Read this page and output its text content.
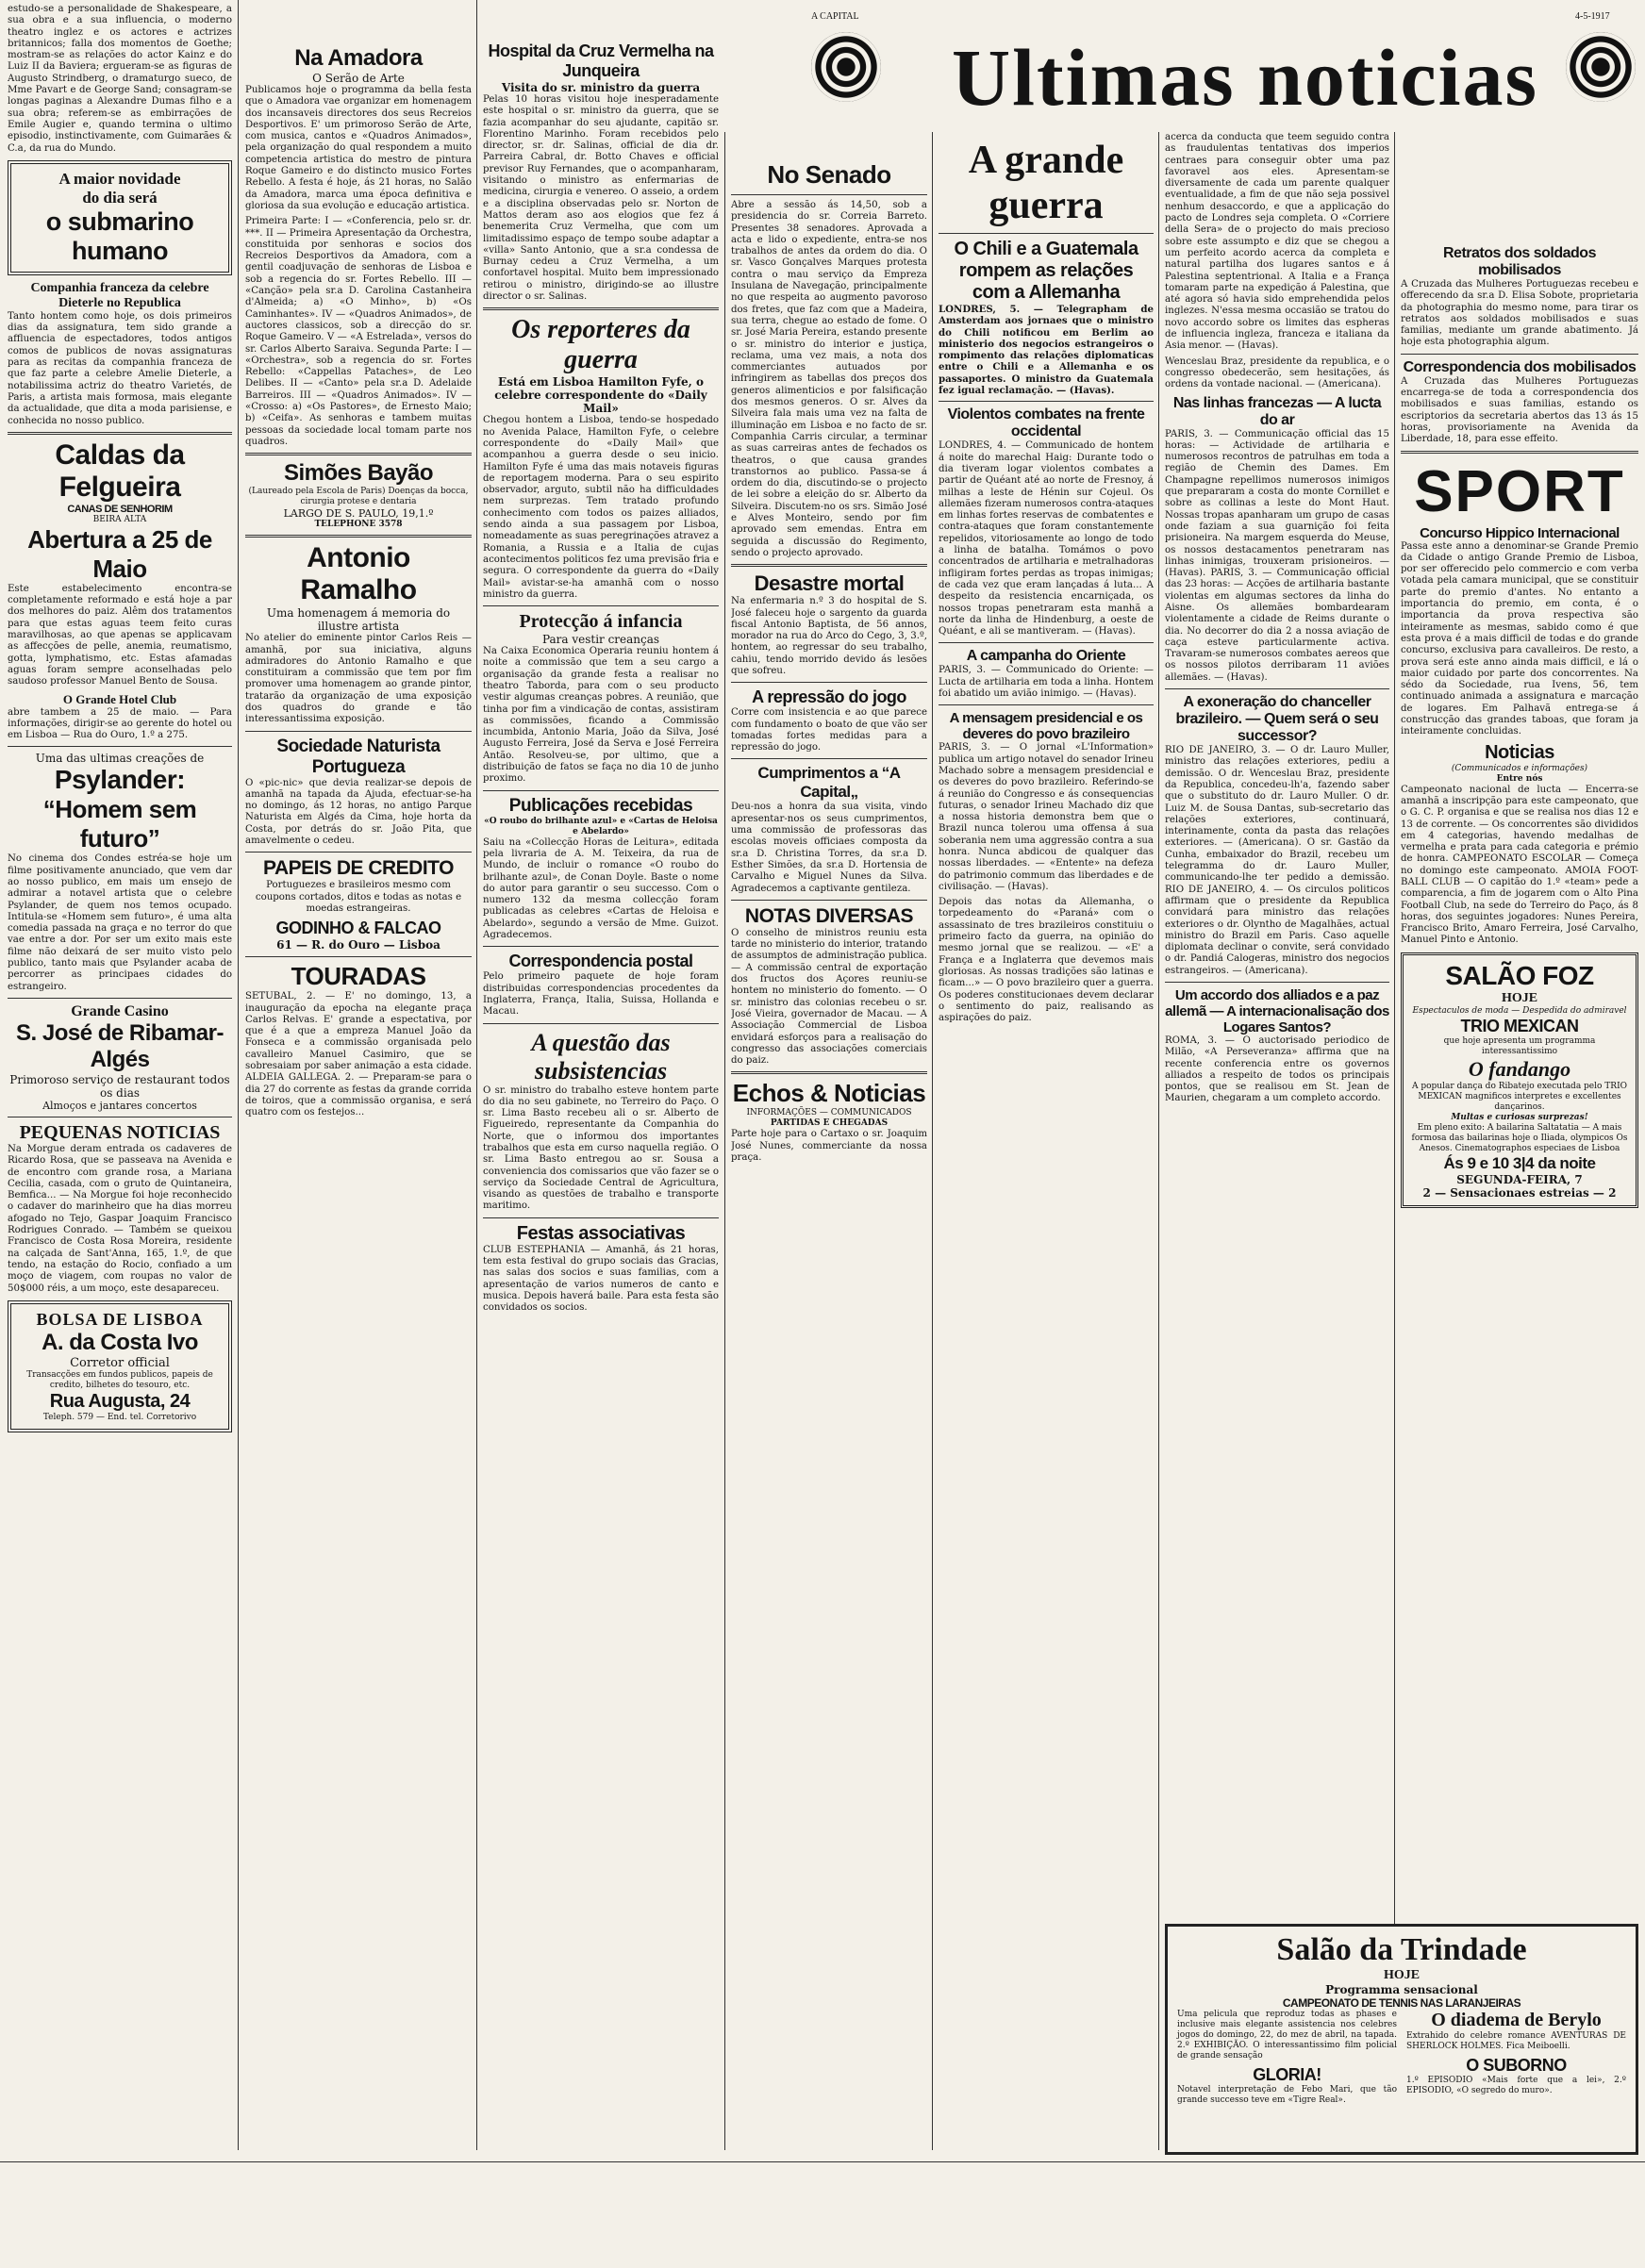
A CAPITAL	4-5-1917
Ultimas noticias

estudo-se a personalidade de Shakespeare, a sua obra e a sua influencia, o moderno theatro inglez e os actores e actrizes britannicos; falla dos momentos de Goethe; mostram-se as relações do actor Kainz e do Luiz II da Baviera; ergueram-se as figuras de Augusto Strindberg, o dramaturgo sueco, de Mme Pavart e de George Sand; consagram-se longas paginas a Alexandre Dumas filho e a sua obra; referem-se as embirrações de Emile Augier e, quando termina o ultimo episodio, instinctivamente, com Guimarães & C.a, da rua do Mundo.

A maior novidade
do dia será
o submarino
humano
Companhia franceza da celebre Dieterle no Republica

Tanto hontem como hoje, os dois primeiros dias da assignatura, tem sido grande a affluencia de espectadores, todos antigos comos de publicos de novas assignaturas para as recitas da companhia franceza de que faz parte a celebre Amelie Dieterle, a notabilissima actriz do theatro Varietés, de Paris, a artista mais formosa, mais elegante da actualidade, que dita a moda parisiense, e conhecida no nosso publico.

Caldas da Felgueira
CANAS DE SENHORIM
BEIRA ALTA
Abertura a 25 de Maio

Este estabelecimento encontra-se completamente reformado e está hoje a par dos melhores do paiz. Alêm dos tratamentos para que estas aguas teem feito curas maravilhosas, ao que apenas se applicavam as affecções de pelle, anemia, reumatismo, gotta, lymphatismo, etc. Estas afamadas aguas foram sempre aconselhadas pelo saudoso professor Manuel Bento de Sousa.

O Grande Hotel Club

abre tambem a 25 de maio. — Para informações, dirigir-se ao gerente do hotel ou em Lisboa — Rua do Ouro, 1.º a 275.

Uma das ultimas creações de
Psylander:
“Homem sem futuro”

No cinema dos Condes estréa-se hoje um filme positivamente anunciado, que vem dar ao nosso publico, em mais um ensejo de admirar a notavel artista que o celebre Psylander, de quem nos temos ocupado. Intitula-se «Homem sem futuro», é uma alta comedia passada na graça e no terror do que vae entre a dor. Por ser um exito mais este filme não deixará de ser muito visto pelo publico, tanto mais que Psylander acaba de percorrer as principaes cidades do estrangeiro.

Grande Casino
S. José de Ribamar-Algés
Primoroso serviço de restaurant todos os dias
Almoços e jantares concertos
PEQUENAS NOTICIAS

Na Morgue deram entrada os cadaveres de Ricardo Rosa, que se passeava na Avenida e de encontro com grande rosa, a Mariana Cecilia, casada, com o gruto de Quintaneira, Bemfica... — Na Morgue foi hoje reconhecido o cadaver do marinheiro que ha dias morreu afogado no Tejo, Gaspar Joaquim Francisco Rodrigues Conrado. — Também se queixou Francisco de Costa Rosa Moreira, residente na calçada de Sant'Anna, 165, 1.º, de que tendo, na estação do Rocio, confiado a um moço de viagem, com roupas no valor de 50$000 réis, a um moço, este desapareceu.

BOLSA DE LISBOA
A. da Costa Ivo
Corretor official
Transacções em fundos publicos, papeis de credito, bilhetes do tesouro, etc.
Rua Augusta, 24
Teleph. 579 — End. tel. Corretorivo
Na Amadora
O Serão de Arte

Publicamos hoje o programma da bella festa que o Amadora vae organizar em homenagem dos incansaveis directores dos seus Recreios Desportivos. E' um primoroso Serão de Arte, com musica, cantos e «Quadros Animados», pela organização do qual respondem a muito competencia artistica do mestro de pintura Roque Gameiro e do distincto musico Fortes Rebello. A festa é hoje, ás 21 horas, no Salão da Amadora, marca uma época definitiva e gloriosa da sua evolução e educação artistica.

Primeira Parte: I — «Conferencia, pelo sr. dr. ***. II — Primeira Apresentação da Orchestra, constituida por senhoras e socios dos Recreios Desportivos da Amadora, com a gentil coadjuvação de senhoras de Lisboa e sob a regencia do sr. Fortes Rebello. III — «Canção» pela sr.a D. Carolina Castanheira d'Almeida; a) «O Minho», b) «Os Caminhantes». IV — «Quadros Animados», de auctores classicos, sob a direcção do sr. Roque Gameiro. V — «A Estrelada», versos do sr. Carlos Alberto Saraiva. Segunda Parte: I — «Orchestra», sob a regencia do sr. Fortes Rebello: «Cappellas Pataches», de Leo Delibes. II — «Canto» pela sr.a D. Adelaide Barreiros. III — «Quadros Animados». IV — «Crosso: a) «Os Pastores», de Ernesto Maio; b) «Ceifa». As senhoras e tambem muitas pessoas da sociedade local tomam parte nos quadros.

Simões Bayão
(Laureado pela Escola de Paris) Doenças da bocca, cirurgia protese e dentaria
LARGO DE S. PAULO, 19,1.º
TELEPHONE 3578
Antonio Ramalho
Uma homenagem á memoria do illustre artista

No atelier do eminente pintor Carlos Reis — amanhã, por sua iniciativa, alguns admiradores do Antonio Ramalho e que constituiram a commissão que tem por fim promover uma homenagem ao grande pintor, tratarão da organização de uma exposição dos quadros do grande e tão interessantissima exposição.

Sociedade Naturista Portugueza

O «pic-nic» que devia realizar-se depois de amanhã na tapada da Ajuda, efectuar-se-ha no domingo, ás 12 horas, no antigo Parque Naturista em Algés da Cima, hoje horta da Costa, por detrás do sr. João Pita, que amavelmente o cedeu.

PAPEIS DE CREDITO

Portuguezes e brasileiros mesmo com coupons cortados, ditos e todas as notas e moedas estrangeiras.

GODINHO & FALCAO
61 — R. do Ouro — Lisboa
TOURADAS

SETUBAL, 2. — E' no domingo, 13, a inauguração da epocha na elegante praça Carlos Relvas. E' grande a espectativa, por que é a que a empreza Manuel João da Fonseca e a commissão organisada pelo cavalleiro Manuel Casimiro, que se sobresaiam por saber animação a esta cidade. ALDEIA GALLEGA. 2. — Preparam-se para o dia 27 do corrente as festas da grande corrida de toiros, que a commissão organisa, e será quatro com os festejos...

Hospital da Cruz Vermelha na Junqueira
Visita do sr. ministro da guerra

Pelas 10 horas visitou hoje inesperadamente este hospital o sr. ministro da guerra, que se fazia acompanhar do seu ajudante, capitão sr. Florentino Marinho. Foram recebidos pelo director, sr. dr. Salinas, official de dia dr. Parreira Cabral, dr. Botto Chaves e official previsor Ruy Fernandes, que o acompanharam, visitando o ministro as enfermarias de medicina, cirurgia e venereo. O asseio, a ordem e a disciplina observadas pelo sr. Norton de Mattos deram aso aos elogios que fez á benemerita Cruz Vermelha, que com um limitadissimo espaço de tempo soube adaptar a «villa» Santo Antonio, que a sr.a condessa de Burnay cedeu a Cruz Vermelha, a um confortavel hospital. Muito bem impressionado retirou o ministro, dirigindo-se ao illustre director o sr. Salinas.

Os reporteres da guerra
Está em Lisboa Hamilton Fyfe, o celebre correspondente do «Daily Mail»

Chegou hontem a Lisboa, tendo-se hospedado no Avenida Palace, Hamilton Fyfe, o celebre correspondente do «Daily Mail» que acompanhou a guerra desde o seu inicio. Hamilton Fyfe é uma das mais notaveis figuras de reportagem moderna. Para o seu espirito observador, arguto, subtil não ha difficuldades nem surprezas. Tem tratado profundo conhecimento com todos os paizes alliados, sendo ainda a sua passagem por Lisboa, nomeadamente as suas peregrinações atravez a Romania, a Russia e a Italia de cujas acontecimentos politicos fez uma previsão fria e segura. O correspondente da guerra do «Daily Mail» avistar-se-ha amanhã com o nosso ministro da guerra.

Protecção á infancia
Para vestir creanças

Na Caixa Economica Operaria reuniu hontem á noite a commissão que tem a seu cargo a organisação da grande festa a realisar no theatro Taborda, para com o seu producto vestir algumas creanças pobres. A reunião, que tinha por fim a vindicação de contas, assistiram as commissões, ficando a Commissão incumbida, Antonio Maria, João da Silva, José Augusto Ferreira, José da Serva e José Ferreira Antão. Resolveu-se, por ultimo, que a distribuição de fatos se faça no dia 10 de junho proximo.

Publicações recebidas
«O roubo do brilhante azul» e «Cartas de Heloisa e Abelardo»

Saiu na «Collecção Horas de Leitura», editada pela livraria de A. M. Teixeira, da rua de Mundo, de incluir o romance «O roubo do brilhante azul», de Conan Doyle. Baste o nome do autor para garantir o seu successo. Com o numero 132 da mesma collecção foram publicadas as celebres «Cartas de Heloisa e Abelardo», segundo a versão de Mme. Guizot. Agradecemos.

Correspondencia postal

Pelo primeiro paquete de hoje foram distribuidas correspondencias procedentes da Inglaterra, França, Italia, Suissa, Hollanda e Macau.

A questão das subsistencias

O sr. ministro do trabalho esteve hontem parte do dia no seu gabinete, no Terreiro do Paço. O sr. Lima Basto recebeu ali o sr. Alberto de Figueiredo, representante da Companhia do Norte, que o informou dos importantes trabalhos que esta em curso naquella região. O sr. Lima Basto entregou ao sr. Sousa a conveniencia dos comissarios que vão fazer se o serviço da Sociedade Central de Agricultura, visando as questões de trabalho e transporte maritimo.

Festas associativas

CLUB ESTEPHANIA — Amanhã, ás 21 horas, tem esta festival do grupo sociais das Gracias, nas salas dos socios e suas familias, com a apresentação de varios numeros de canto e musica. Depois haverá baile. Para esta festa são convidados os socios.

No Senado

Abre a sessão ás 14,50, sob a presidencia do sr. Correia Barreto. Presentes 38 senadores. Aprovada a acta e lido o expediente, entra-se nos trabalhos de antes da ordem do dia. O sr. Vasco Gonçalves Marques protesta contra o mau serviço da Empreza Insulana de Navegação, principalmente no que respeita ao augmento pavoroso dos fretes, que faz com que a Madeira, sua terra, chegue ao estado de fome. O sr. José Maria Pereira, estando presente o sr. ministro do interior e justiça, reclama, uma vez mais, a nota dos commerciantes autuados por infringirem as tabellas dos preços dos generos alimenticios e por falsificação dos mesmos generos. O sr. Alves da Silveira fala mais uma vez na falta de illuminação em Lisboa e no facto de sr. Companhia Carris circular, a terminar as suas carreiras antes de fechados os theatros, o que causa grandes transtornos ao publico. Passa-se á ordem do dia, discutindo-se o projecto de lei sobre a eleição do sr. Alberto da Silveira. Discutem-no os srs. Simão José e Alves Monteiro, sendo por fim aprovado sem emendas. Entra em seguida a discussão do Regimento, sendo o projecto aprovado.

Desastre mortal

Na enfermaria n.º 3 do hospital de S. José faleceu hoje o sargento da guarda fiscal Antonio Baptista, de 56 annos, morador na rua do Arco do Cego, 3, 3.º, hontem, ao regressar do seu trabalho, cahiu, tendo morrido devido ás lesões que sofreu.

A repressão do jogo

Corre com insistencia e ao que parece com fundamento o boato de que vão ser tomadas fortes medidas para a repressão do jogo.

Cumprimentos a “A Capital„

Deu-nos a honra da sua visita, vindo apresentar-nos os seus cumprimentos, uma commissão de professoras das escolas moveis officiaes composta da sr.a D. Christina Torres, da sr.a D. Esther Simões, da sr.a D. Hortensia de Carvalho e Miguel Nunes da Silva. Agradecemos a captivante gentileza.

NOTAS DIVERSAS

O conselho de ministros reuniu esta tarde no ministerio do interior, tratando de assumptos de administração publica. — A commissão central de exportação dos fructos dos Açores reuniu-se hontem no ministerio do fomento. — O sr. ministro das colonias recebeu o sr. José Vieira, governador de Macau. — A Associação Commercial de Lisboa envidará esforços para a realisação do congresso das associações comerciais do paiz.

Echos & Noticias
INFORMAÇÕES — COMMUNICADOS
PARTIDAS E CHEGADAS

Parte hoje para o Cartaxo o sr. Joaquim José Nunes, commerciante da nossa praça.

A grande guerra
O Chili e a Guatemala rompem as relações com a Allemanha

LONDRES, 5. — Telegrapham de Amsterdam aos jornaes que o ministro do Chili notificou em Berlim ao ministerio dos negocios estrangeiros o rompimento das relações diplomaticas entre o Chili e a Allemanha e os passaportes. O ministro da Guatemala fez igual reclamação. — (Havas).

Violentos combates na frente occidental

LONDRES, 4. — Communicado de hontem á noite do marechal Haig: Durante todo o dia tiveram logar violentos combates a partir de Quéant até ao norte de Fresnoy, á milhas a leste de Hénin sur Cojeul. Os allemães fizeram numerosos contra-ataques em linhas fortes reservas de combatentes e contra-ataques que foram constantemente repelidos, vitoriosamente ao longo de todo a linha de batalha. Tomámos o povo concentrados de artilharia e metralhadoras infligiram fortes perdas as tropas inimigas; de cada vez que eram lançadas á luta... A despeito da resistencia encarniçada, os nossos tropas penetraram esta manhã a norte da linha de Hindenburg, a oeste de Quéant, e ali se mantiveram. — (Havas).

A campanha do Oriente

PARIS, 3. — Communicado do Oriente: — Lucta de artilharia em toda a linha. Hontem foi abatido um avião inimigo. — (Havas).

A mensagem presidencial e os deveres do povo brazileiro

PARIS, 3. — O jornal «L'Information» publica um artigo notavel do senador Irineu Machado sobre a mensagem presidencial e os deveres do povo brazileiro. Referindo-se á reunião do Congresso e ás consequencias futuras, o senador Irineu Machado diz que a nossa historia demonstra bem que o Brazil nunca tolerou uma offensa á sua soberania nem uma aggressão contra a sua honra. Nunca abdicou de qualquer das nossas liberdades. — «Entente» na defeza do patrimonio commum das liberdades e de civilisação. — (Havas).

Depois das notas da Allemanha, o torpedeamento do «Paraná» com o assassinato de tres brazileiros constituiu o primeiro facto da guerra, na opinião do mesmo jornal que se realizou. — «E' a França e a Inglaterra que devemos mais gloriosas. As nossas tradições são latinas e ficam...» — O povo brazileiro quer a guerra. Os poderes constitucionaes devem declarar o sentimento do paiz, realisando as aspirações do paiz.

acerca da conducta que teem seguido contra as fraudulentas tentativas dos imperios centraes para conseguir obter uma paz favoravel aos eles. Apresentam-se diversamente de cada um parente qualquer eventualidade, a fim de que não seja possivel nenhum desaccordo, e que a applicação do pacto de Londres seja completa. O «Corriere della Sera» de o projecto do mais precioso sobre este assumpto e diz que se chegou a um perfeito acordo acerca da completa e natural partilha dos lugares santos e á Palestina septentrional. A Italia e a França tomaram parte na expedição á Palestina, que até agora só havia sido emprehendida pelos inglezes. N'essa mesma occasião se tratou do novo accordo sobre os limites das espheras de influencia ingleza, franceza e italiana da Asia menor. — (Havas).

Wenceslau Braz, presidente da republica, e o congresso obedecerão, sem hesitações, ás ordens da vontade nacional. — (Americana).

Nas linhas francezas — A lucta do ar

PARIS, 3. — Communicação official das 15 horas: — Actividade de artilharia e numerosos recontros de patrulhas em toda a região de Chemin des Dames. Em Champagne repellimos numerosos inimigos que prepararam a costa do monte Cornillet e sobre as collinas a leste do Mont Haut. Nossas tropas apanharam um grupo de casas onde faziam a sua guarnição foi feita prisioneira. Na margem esquerda do Meuse, os nossos destacamentos penetraram nas linhas inimigas, trouxeram prisioneiros. — (Havas). PARIS, 3. — Communicação official das 23 horas: — Acções de artilharia bastante violentas em algumas sectores da linha do Aisne. Os allemães bombardearam violentamente a cidade de Reims durante o dia. No decorrer do dia 2 a nossa aviação de caça esteve particularmente activa. Travaram-se numerosos combates aereos que os nossos pilotos derribaram 11 aviões allemães. — (Havas).

A exoneração do chanceller brazileiro. — Quem será o seu successor?

RIO DE JANEIRO, 3. — O dr. Lauro Muller, ministro das relações exteriores, pediu a demissão. O dr. Wenceslau Braz, presidente da Republica, concedeu-lh'a, fazendo saber que o substituto do dr. Lauro Muller. O dr. Luiz M. de Sousa Dantas, sub-secretario das relações exteriores, continuará, interinamente, conta da pasta das relações exteriores. — (Americana). O sr. Gastão da Cunha, embaixador do Brazil, recebeu um telegramma do dr. Lauro Muller, communicando-lhe ter pedido a demissão. RIO DE JANEIRO, 4. — Os circulos politicos affirmam que o presidente da Republica convidará para ministro das relações exteriores o dr. Olyntho de Magalhães, actual ministro do Brazil em Paris. Caso aquelle diplomata declinar o convite, será convidado o dr. Pandiá Calogeras, ministro dos negocios estrangeiros. — (Americana).

Um accordo dos alliados e a paz allemã — A internacionalisação dos Logares Santos?

ROMA, 3. — O auctorisado periodico de Milão, «A Perseveranza» affirma que na recente conferencia entre os governos alliados a respeito de todos os principais pontos, que se realisou em St. Jean de Maurien, chegaram a um completo accordo.

Retratos dos soldados mobilisados

A Cruzada das Mulheres Portuguezas recebeu e offerecendo da sr.a D. Elisa Sobote, proprietaria da photographia do mesmo nome, para tirar os retratos aos soldados mobilisados e suas familias, mediante um grande abatimento. Já hoje esta photographia algum.

Correspondencia dos mobilisados

A Cruzada das Mulheres Portuguezas encarrega-se de toda a correspondencia dos mobilisados e suas familias, estando os escriptorios da secretaria abertos das 13 ás 15 horas, provisoriamente na Avenida da Liberdade, 18, para esse effeito.

SPORT
Concurso Hippico Internacional

Passa este anno a denominar-se Grande Premio da Cidade o antigo Grande Premio de Lisboa, por ser offerecido pelo commercio e com verba votada pela camara municipal, que se constituir parte do premio d'antes. No entanto a importancia do premio, em conta, é o importancia da prova respectiva são inteiramente as mesmas, sabido como é que esta prova é a mais difficil de todas e do grande concurso, exclusiva para cavalleiros. De resto, a prova será este anno ainda mais difficil, e lá o maior cuidado por parte dos concorrentes. Na sédo da Sociedade, rua Ivens, 56, tem continuado animada a assignatura e marcação de logares. Em Palhavã entrega-se á construcção das grandes taboas, que foram ja inteiramente concluidas.

Noticias
(Communicados e informações)
Entre nós

Campeonato nacional de lucta — Encerra-se amanhã a inscripção para este campeonato, que o G. C. P. organisa e que se realisa nos dias 12 e 13 de corrente. — Os concorrentes são divididos em 4 categorias, havendo medalhas de vermelha e prata para cada categoria e prémio de honra. CAMPEONATO ESCOLAR — Começa no domingo este campeonato. AMOIA FOOT-BALL CLUB — O capitão do 1.º «team» pede a comparencia, a fim de jogarem com o Alto Pina Football Club, na sede do Terreiro do Paço, ás 8 horas, dos seguintes jogadores: Nunes Pereira, Francisco Brito, Amaro Ferreira, José Carvalho, Manuel Pinto e Antonio.

SALÃO FOZ
HOJE
Espectaculos de moda — Despedida do admiravel
TRIO MEXICAN
que hoje apresenta um programma interessantissimo
O fandango
A popular dança do Ribatejo executada pelo TRIO MEXICAN magnificos interpretes e excellentes dançarinos.
Multas e curiosas surprezas!
Em pleno exito: A bailarina Saltatatia — A mais formosa das bailarinas hoje o Iliada, olympicos Os Anesos. Cinematographos especiaes de Lisboa
Ás 9 e 10 3|4 da noite
SEGUNDA-FEIRA, 7
2 — Sensacionaes estreias — 2
Salão da Trindade
HOJE
Programma sensacional
CAMPEONATO DE TENNIS NAS LARANJEIRAS

Uma pelicula que reproduz todas as phases e inclusive mais elegante assistencia nos celebres jogos do domingo, 22, do mez de abril, na tapada. 2.º EXHIBIÇÃO. O interessantissimo film policial de grande sensação

GLORIA!

Notavel interpretação de Febo Mari, que tão grande successo teve em «Tigre Real».

O diadema de Berylo

Extrahido do celebre romance AVENTURAS DE SHERLOCK HOLMES. Fica Meiboelli.

O SUBORNO

1.º EPISODIO «Mais forte que a lei», 2.º EPISODIO, «O segredo do muro».
